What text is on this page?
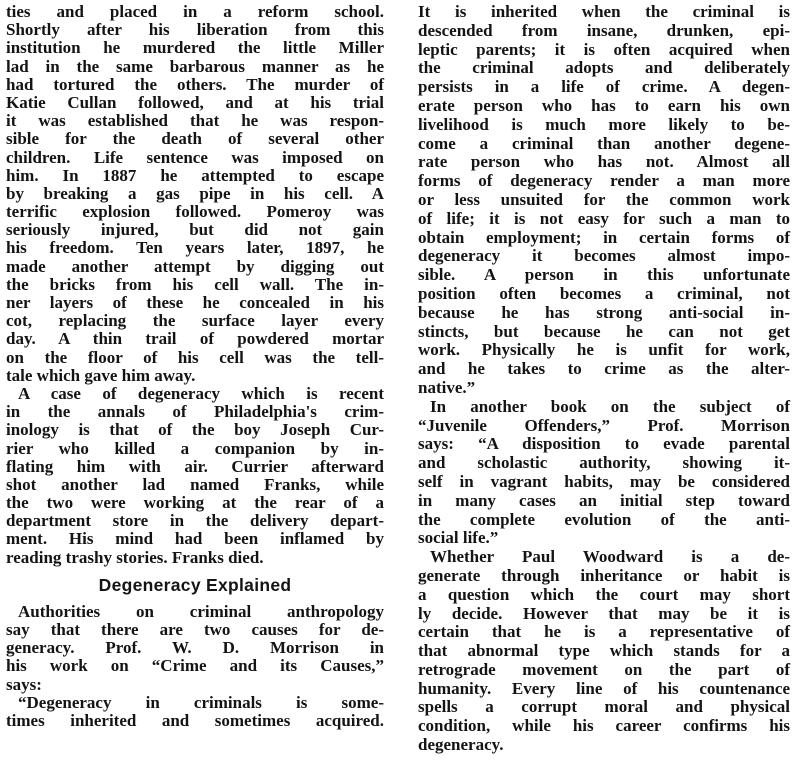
ties and placed in a reform school.
Shortly after his liberation from this
institution he murdered the little Miller
lad in the same barbarous manner as he
had tortured the others. The murder of
Katie Cullan followed, and at his trial
it was established that he was respon-
sible for the death of several other
children. Life sentence was imposed on
him. In 1887 he attempted to escape
by breaking a gas pipe in his cell. A
terrific explosion followed. Pomeroy was
seriously injured, but did not gain
his freedom. Ten years later, 1897, he
made another attempt by digging out
the bricks from his cell wall. The in-
ner layers of these he concealed in his
cot, replacing the surface layer every
day. A thin trail of powdered mortar
on the floor of his cell was the tell-
tale which gave him away.
A case of degeneracy which is recent
in the annals of Philadelphia's crim-
inology is that of the boy Joseph Cur-
rier who killed a companion by in-
flating him with air. Currier afterward
shot another lad named Franks, while
the two were working at the rear of a
department store in the delivery depart-
ment. His mind had been inflamed by
reading trashy stories. Franks died.
Degeneracy Explained
Authorities on criminal anthropology
say that there are two causes for de-
generacy. Prof. W. D. Morrison in
his work on “Crime and its Causes,”
says:
“Degeneracy in criminals is some-
times inherited and sometimes acquired.
It is inherited when the criminal is
descended from insane, drunken, epi-
leptic parents; it is often acquired when
the criminal adopts and deliberately
persists in a life of crime. A degen-
erate person who has to earn his own
livelihood is much more likely to be-
come a criminal than another degene-
rate person who has not. Almost all
forms of degeneracy render a man more
or less unsuited for the common work
of life; it is not easy for such a man to
obtain employment; in certain forms of
degeneracy it becomes almost impo-
sible. A person in this unfortunate
position often becomes a criminal, not
because he has strong anti-social in-
stincts, but because he can not get
work. Physically he is unfit for work,
and he takes to crime as the alter-
native.”
In another book on the subject of
“Juvenile Offenders,” Prof. Morrison
says: “A disposition to evade parental
and scholastic authority, showing it-
self in vagrant habits, may be considered
in many cases an initial step toward
the complete evolution of the anti-
social life.”
Whether Paul Woodward is a de-
generate through inheritance or habit is
a question which the court may short
ly decide. However that may be it is
certain that he is a representative of
that abnormal type which stands for a
retrograde movement on the part of
humanity. Every line of his countenance
spells a corrupt moral and physical
condition, while his career confirms his
degeneracy.
